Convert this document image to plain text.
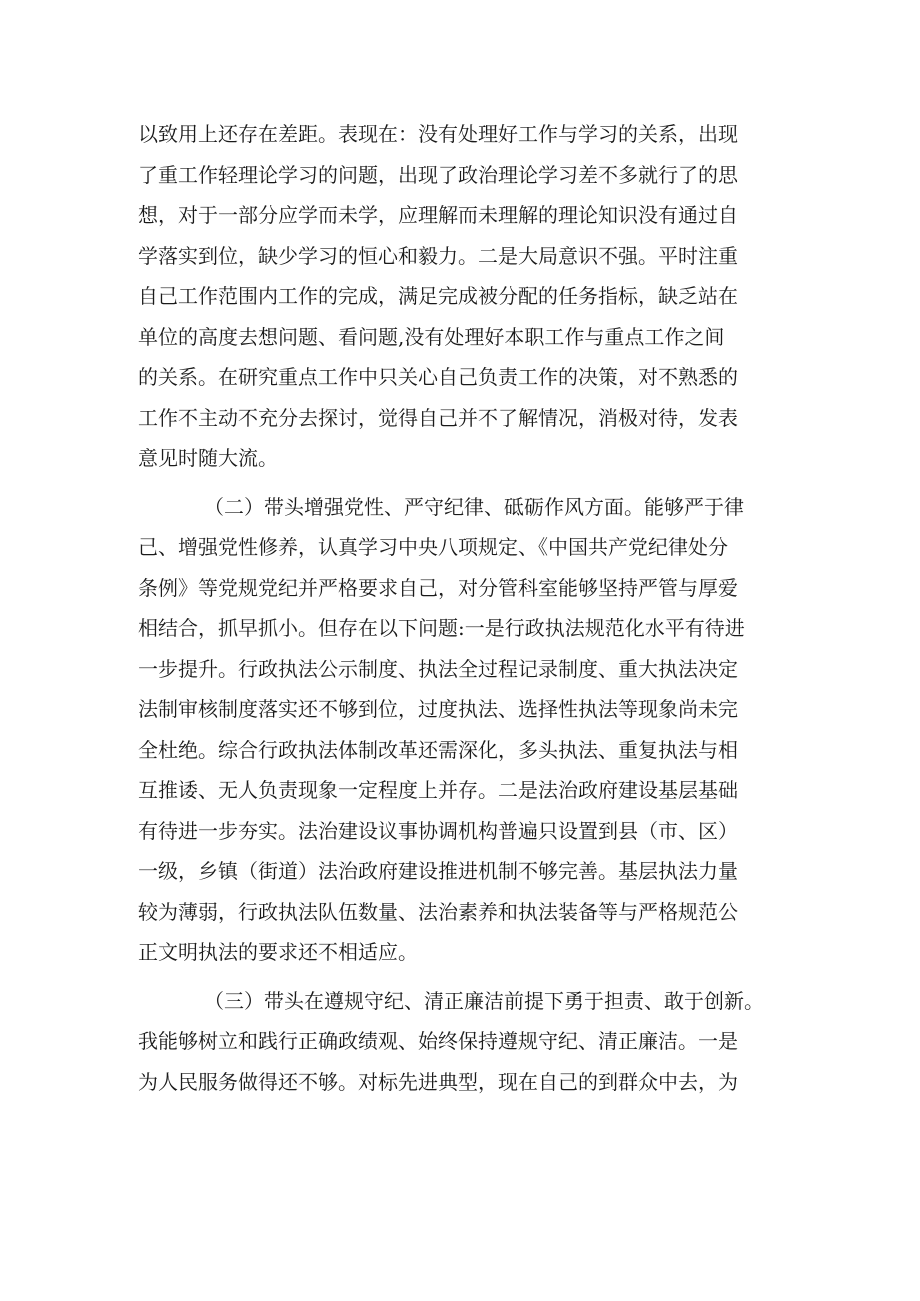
以致用上还存在差距。表现在：没有处理好工作与学习的关系，出现
了重工作轻理论学习的问题，出现了政治理论学习差不多就行了的思
想，对于一部分应学而未学，应理解而未理解的理论知识没有通过自
学落实到位，缺少学习的恒心和毅力。二是大局意识不强。平时注重
自己工作范围内工作的完成，满足完成被分配的任务指标，缺乏站在
单位的高度去想问题、看问题,没有处理好本职工作与重点工作之间
的关系。在研究重点工作中只关心自己负责工作的决策，对不熟悉的
工作不主动不充分去探讨，觉得自己并不了解情况，消极对待，发表
意见时随大流。
（二）带头增强党性、严守纪律、砥砺作风方面。能够严于律
己、增强党性修养，认真学习中央八项规定、《中国共产党纪律处分
条例》等党规党纪并严格要求自己，对分管科室能够坚持严管与厚爱
相结合，抓早抓小。但存在以下问题:一是行政执法规范化水平有待进
一步提升。行政执法公示制度、执法全过程记录制度、重大执法决定
法制审核制度落实还不够到位，过度执法、选择性执法等现象尚未完
全杜绝。综合行政执法体制改革还需深化，多头执法、重复执法与相
互推诿、无人负责现象一定程度上并存。二是法治政府建设基层基础
有待进一步夯实。法治建设议事协调机构普遍只设置到县（市、区）
一级，乡镇（街道）法治政府建设推进机制不够完善。基层执法力量
较为薄弱，行政执法队伍数量、法治素养和执法装备等与严格规范公
正文明执法的要求还不相适应。
（三）带头在遵规守纪、清正廉洁前提下勇于担责、敢于创新。
我能够树立和践行正确政绩观、始终保持遵规守纪、清正廉洁。一是
为人民服务做得还不够。对标先进典型，现在自己的到群众中去，为
